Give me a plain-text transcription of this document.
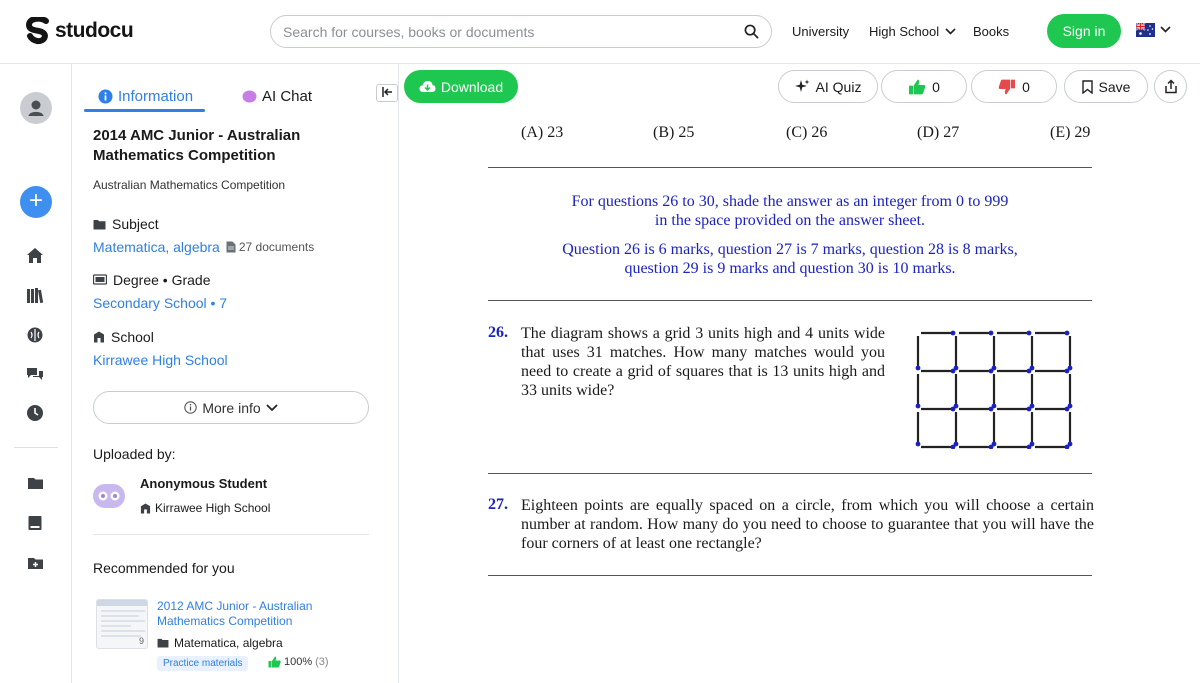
studocu
Search for courses, books or documents	University High School	Books	Sign in
+
Information	AI Chat
2014 AMC Junior - Australian Mathematics Competition
Australian Mathematics Competition
Subject
Matematica, algebra 27 documents
Degree • Grade
Secondary School • 7
School
Kirrawee High School
More info
Uploaded by:
Anonymous Student
Kirrawee High School
Recommended for you
9
2012 AMC Junior - Australian Mathematics Competition
Matematica, algebra
Practice materials	100% (3)
Download	AI Quiz	0	0	Save
(A) 23	(B) 25	(C) 26	(D) 27	(E) 29
For questions 26 to 30, shade the answer as an integer from 0 to 999
in the space provided on the answer sheet.
Question 26 is 6 marks, question 27 is 7 marks, question 28 is 8 marks,
question 29 is 9 marks and question 30 is 10 marks.
26. The diagram shows a grid 3 units high and 4 units wide that uses 31 matches. How many matches would you need to create a grid of squares that is 13 units high and 33 units wide?
27. Eighteen points are equally spaced on a circle, from which you will choose a certain number at random. How many do you need to choose to guarantee that you will have the four corners of at least one rectangle?
